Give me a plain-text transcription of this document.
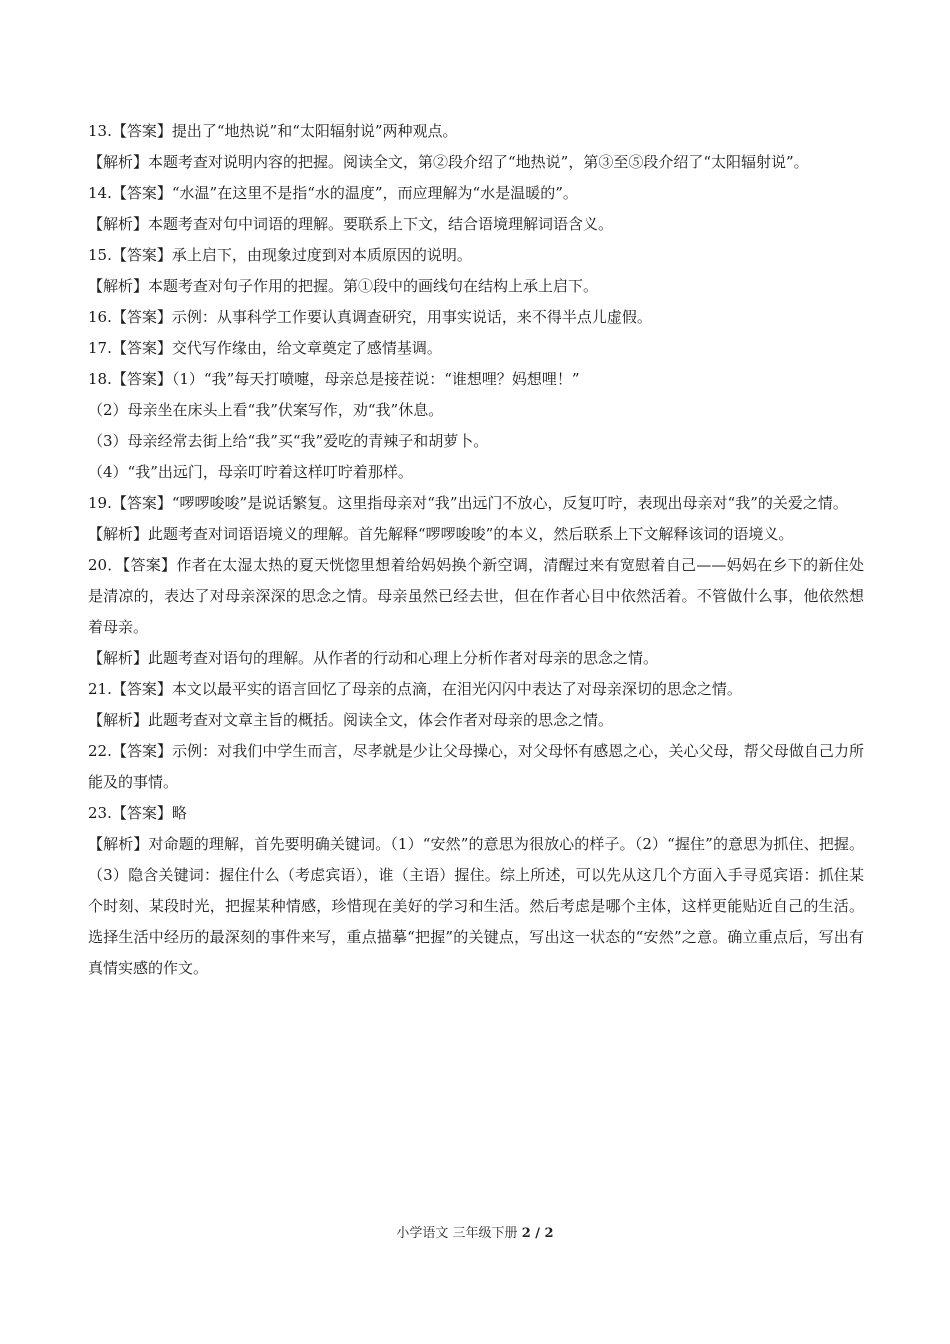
13.【答案】提出了“地热说”和“太阳辐射说”两种观点。

【解析】本题考查对说明内容的把握。阅读全文，第②段介绍了“地热说”，第③至⑤段介绍了“太阳辐射说”。

14.【答案】“水温”在这里不是指“水的温度”，而应理解为“水是温暖的”。

【解析】本题考查对句中词语的理解。要联系上下文，结合语境理解词语含义。

15.【答案】承上启下，由现象过度到对本质原因的说明。

【解析】本题考查对句子作用的把握。第①段中的画线句在结构上承上启下。

16.【答案】示例：从事科学工作要认真调查研究，用事实说话，来不得半点儿虚假。

17.【答案】交代写作缘由，给文章奠定了感情基调。

18.【答案】（1）“我”每天打喷嚏，母亲总是接茬说：“谁想哩？妈想哩！”

（2）母亲坐在床头上看“我”伏案写作，劝“我”休息。

（3）母亲经常去街上给“我”买“我”爱吃的青辣子和胡萝卜。

（4）“我”出远门，母亲叮咛着这样叮咛着那样。

19.【答案】“啰啰唆唆”是说话繁复。这里指母亲对“我”出远门不放心，反复叮咛，表现出母亲对“我”的关爱之情。

【解析】此题考查对词语语境义的理解。首先解释“啰啰唆唆”的本义，然后联系上下文解释该词的语境义。

20．【答案】作者在太湿太热的夏天恍惚里想着给妈妈换个新空调，清醒过来有宽慰着自己——妈妈在乡下的新住处是清凉的，表达了对母亲深深的思念之情。母亲虽然已经去世，但在作者心目中依然活着。不管做什么事，他依然想着母亲。

【解析】此题考查对语句的理解。从作者的行动和心理上分析作者对母亲的思念之情。

21.【答案】本文以最平实的语言回忆了母亲的点滴，在泪光闪闪中表达了对母亲深切的思念之情。

【解析】此题考查对文章主旨的概括。阅读全文，体会作者对母亲的思念之情。

22.【答案】示例：对我们中学生而言，尽孝就是少让父母操心，对父母怀有感恩之心，关心父母，帮父母做自己力所能及的事情。

23.【答案】略

【解析】对命题的理解，首先要明确关键词。（1）“安然”的意思为很放心的样子。（2）“握住”的意思为抓住、把握。（3）隐含关键词：握住什么（考虑宾语），谁（主语）握住。综上所述，可以先从这几个方面入手寻觅宾语：抓住某个时刻、某段时光，把握某种情感，珍惜现在美好的学习和生活。然后考虑是哪个主体，这样更能贴近自己的生活。选择生活中经历的最深刻的事件来写，重点描摹“把握”的关键点，写出这一状态的“安然”之意。确立重点后，写出有真情实感的作文。

小学语文 三年级下册 2 / 2
